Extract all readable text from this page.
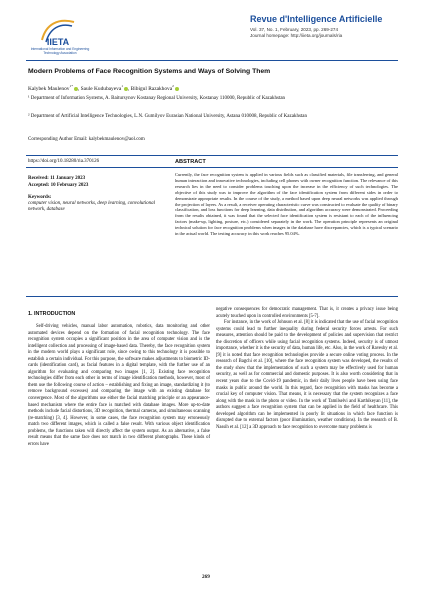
IIETA
International Information and Engineering Technology Association
Revue d'Intelligence Artificielle
Vol. 37, No. 1, February, 2023, pp. 269-274
Journal homepage: http://iieta.org/journals/ria
Modern Problems of Face Recognition Systems and Ways of Solving Them
Kalybek Maulenov$^{1*}$ , Saule Kudubayeva$^1$ , Bibigul Razakhova$^2$
¹ Department of Information Systems, A. Baitursynov Kostanay Regional University, Kostanay 110000, Republic of Kazakhstan
² Department of Artificial Intelligence Technologies, L.N. Gumilyov Eurasian National University, Astana 010008, Republic of Kazakhstan
Corresponding Author Email: kalybekmaulenov@aol.com
https://doi.org/10.18280/ria.370126	ABSTRACT
Received: 11 January 2023
Accepted: 10 February 2023
Keywords:
computer vision, neural networks, deep learning, convolutional network, database
Currently, the face recognition system is applied in various fields such as classified materials, file transferring, and general human interaction and innovative technologies, including cell phones with owner recognition function. The relevance of this research lies in the need to consider problems touching upon the increase in the efficiency of such technologies. The objective of this study was to improve the algorithm of the face identification system from different sides in order to demonstrate appropriate results. In the course of the study, a method based upon deep neural networks was applied through the projection of layers. As a result, a receiver operating characteristic curve was constructed to evaluate the quality of binary classification, and loss functions for deep learning, data distribution, and algorithm accuracy were demonstrated. Proceeding from the results obtained, it was found that the selected face identification system is resistant to each of the influencing factors (make-up, lighting, posture, etc.) considered separately in the work. The operation principle represents an original technical solution for face recognition problems when images in the database have discrepancies, which is a typical scenario in the actual world. The testing accuracy in this work reaches 95.04%.
1. INTRODUCTION
Self-driving vehicles, manual labor automation, robotics, data monitoring and other automated devices depend on the formation of facial recognition technology. The face recognition system occupies a significant position in the area of computer vision and is the intelligent collection and processing of image-based data. Thereby, the face recognition system in the modern world plays a significant role, since owing to this technology it is possible to establish a certain individual. For this purpose, the software makes adjustments to biometric ID-cards (identification card), as facial features in a digital template, with the further use of an algorithm for evaluating and comparing two images [1, 2]. Existing face recognition technologies differ from each other in terms of image identification methods, however, most of them use the following course of action – establishing and fixing an image, standardizing it (to remove background excesses) and comparing the image with an existing database for convergence. Most of the algorithms use either the facial matching principle or an appearance-based mechanism where the entire face is matched with database images. More up-to-date methods include facial distortions, 3D recognition, thermal cameras, and simultaneous scanning (re-matching) [3, 4]. However, in some cases, the face recognition system may erroneously match two different images, which is called a false result. With various object identification problems, the functions taken will directly affect the system output. As an alternative, a false result means that the same face does not match in two different photographs. These kinds of errors have

negative consequences for democratic management. That is, it creates a privacy issue being acutely touched upon in controlled environments [5-7].

For instance, in the work of Johnson et al. [8] it is indicated that the use of facial recognition systems could lead to further inequality during federal security forces arrests. For such measures, attention should be paid to the development of policies and supervision that restrict the discretion of officers while using facial recognition systems. Indeed, security is of utmost importance, whether it is the security of data, human life, etc. Also, in the work of Raveshy et al. [9] it is noted that face recognition technologies provide a secure online voting process. In the research of Bagchi et al. [10], where the face recognition system was developed, the results of the study show that the implementation of such a system may be effectively used for human security, as well as for commercial and domestic purposes. It is also worth considering that in recent years due to the Covid-19 pandemic, in their daily lives people have been using face masks in public around the world. In this regard, face recognition with masks has become a crucial key of computer vision. That means, it is necessary that the system recognizes a face along with the mask in the photo or video. In the work of Tamilselvi and Karthikeyan [11], the authors suggest a face recognition system that can be applied in the field of healthcare. This developed algorithm can be implemented in poorly lit situations in which face function is disrupted due to external factors (poor illumination, weather conditions). In the research of B. Nassih et al. [12] a 3D approach to face recognition to overcome many problems is

269
